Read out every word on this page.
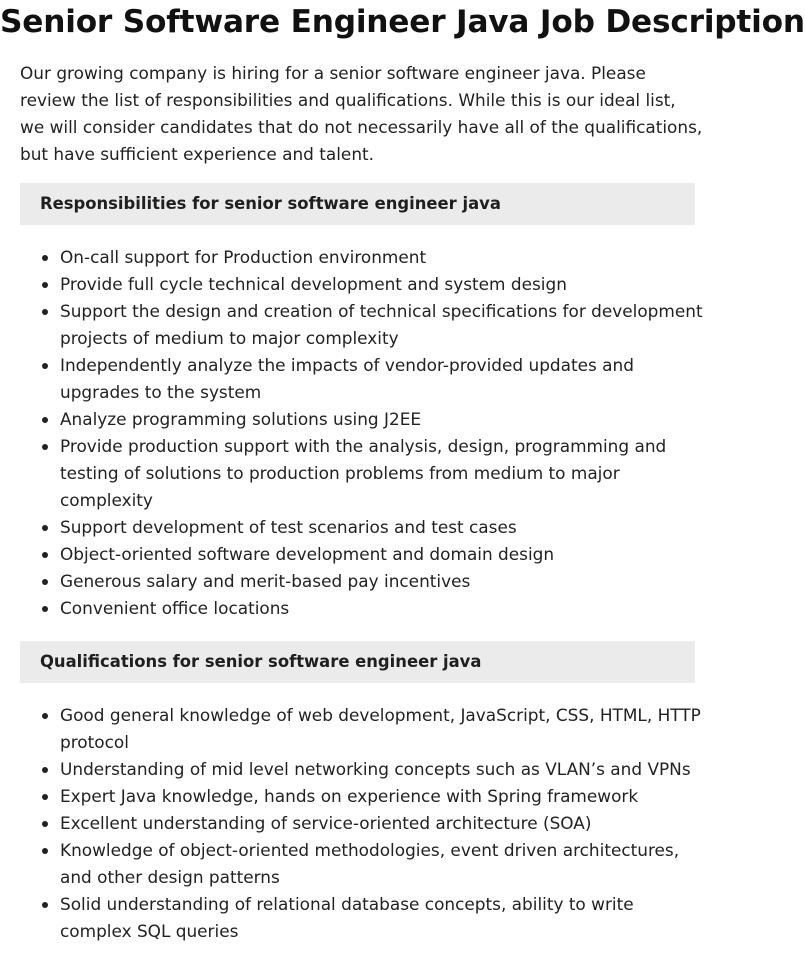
Senior Software Engineer Java Job Description

Our growing company is hiring for a senior software engineer java. Please review the list of responsibilities and qualifications. While this is our ideal list, we will consider candidates that do not necessarily have all of the qualifications, but have sufficient experience and talent.

Responsibilities for senior software engineer java
On-call support for Production environment
Provide full cycle technical development and system design
Support the design and creation of technical specifications for development projects of medium to major complexity
Independently analyze the impacts of vendor-provided updates and upgrades to the system
Analyze programming solutions using J2EE
Provide production support with the analysis, design, programming and testing of solutions to production problems from medium to major complexity
Support development of test scenarios and test cases
Object-oriented software development and domain design
Generous salary and merit-based pay incentives
Convenient office locations
Qualifications for senior software engineer java
Good general knowledge of web development, JavaScript, CSS, HTML, HTTP protocol
Understanding of mid level networking concepts such as VLAN’s and VPNs
Expert Java knowledge, hands on experience with Spring framework
Excellent understanding of service-oriented architecture (SOA)
Knowledge of object-oriented methodologies, event driven architectures, and other design patterns
Solid understanding of relational database concepts, ability to write complex SQL queries
